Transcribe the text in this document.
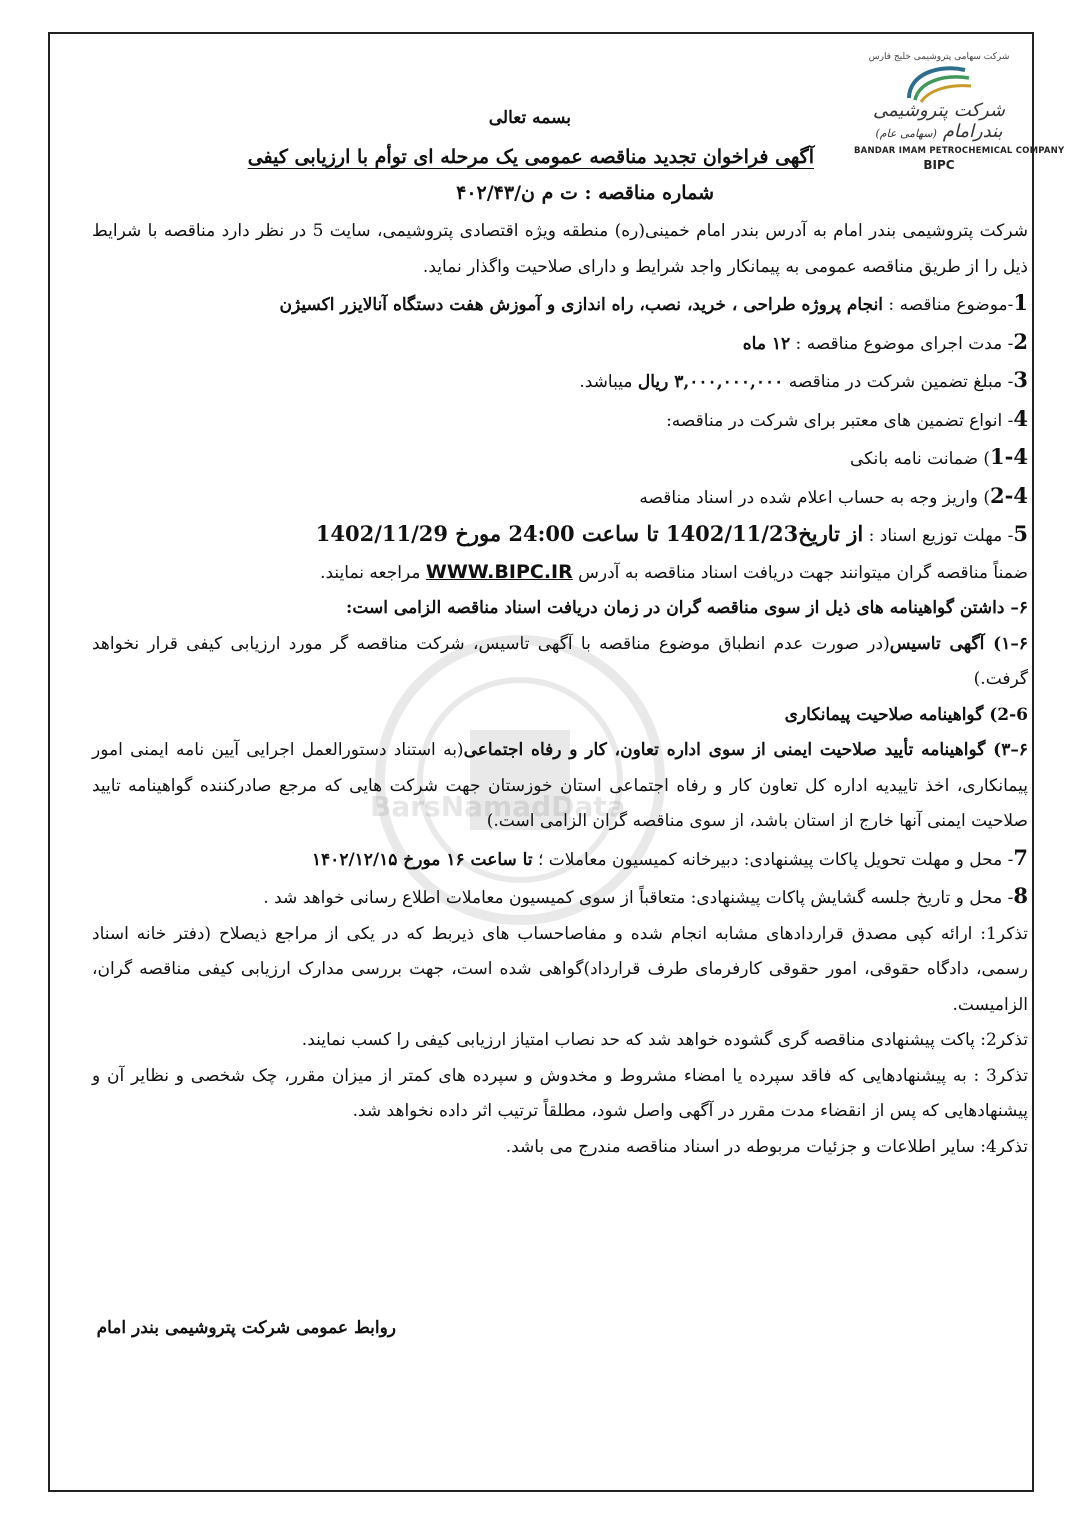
شرکت سهامی پتروشیمی خلیج فارس
شرکت پتروشیمی بندرامام (سهامی عام)
BANDAR IMAM PETROCHEMICAL COMPANY
BIPC
بسمه تعالی
آگهی فراخوان تجدید مناقصه عمومی یک مرحله ای توأم با ارزیابی کیفی
شماره مناقصه : ت م ن/۴۰۲/۴۳
BarsNamadData

شرکت پتروشیمی بندر امام به آدرس بندر امام خمینی(ره) منطقه ویژه اقتصادی پتروشیمی، سایت 5 در نظر دارد مناقصه با شرایط ذیل را از طریق مناقصه عمومی به پیمانکار واجد شرایط و دارای صلاحیت واگذار نماید.

1-موضوع مناقصه : انجام پروژه طراحی ، خرید، نصب، راه اندازی و آموزش هفت دستگاه آنالایزر اکسیژن

2- مدت اجرای موضوع مناقصه : ۱۲ ماه

3- مبلغ تضمین شرکت در مناقصه ۳,۰۰۰,۰۰۰,۰۰۰ ریال میباشد.

4- انواع تضمین های معتبر برای شرکت در مناقصه:

1-4) ضمانت نامه بانکی

2-4) واریز وجه به حساب اعلام شده در اسناد مناقصه

5- مهلت توزیع اسناد : از تاریخ1402/11/23 تا ساعت 24:00 مورخ 1402/11/29

ضمناً مناقصه گران میتوانند جهت دریافت اسناد مناقصه به آدرس WWW.BIPC.IR مراجعه نمایند.

۶– داشتن گواهینامه های ذیل از سوی مناقصه گران در زمان دریافت اسناد مناقصه الزامی است:

۶–۱) آگهی تاسیس(در صورت عدم انطباق موضوع مناقصه با آگهی تاسیس، شرکت مناقصه گر مورد ارزیابی کیفی قرار نخواهد گرفت.)

2-6) گواهینامه صلاحیت پیمانکاری

۶–۳) گواهینامه تأیید صلاحیت ایمنی از سوی اداره تعاون، کار و رفاه اجتماعی(به استناد دستورالعمل اجرایی آیین نامه ایمنی امور پیمانکاری، اخذ تاییدیه اداره کل تعاون کار و رفاه اجتماعی استان خوزستان جهت شرکت هایی که مرجع صادرکننده گواهینامه تایید صلاحیت ایمنی آنها خارج از استان باشد، از سوی مناقصه گران الزامی است.)

7- محل و مهلت تحویل پاکات پیشنهادی: دبیرخانه کمیسیون معاملات ؛ تا ساعت ۱۶ مورخ ۱۴۰۲/۱۲/۱۵

8- محل و تاریخ جلسه گشایش پاکات پیشنهادی: متعاقباً از سوی کمیسیون معاملات اطلاع رسانی خواهد شد .

تذکر1: ارائه کپی مصدق قراردادهای مشابه انجام شده و مفاصاحساب های ذیربط که در یکی از مراجع ذیصلاح (دفتر خانه اسناد رسمی، دادگاه حقوقی، امور حقوقی کارفرمای طرف قرارداد)گواهی شده است، جهت بررسی مدارک ارزیابی کیفی مناقصه گران، الزامیست.

تذکر2: پاکت پیشنهادی مناقصه گری گشوده خواهد شد که حد نصاب امتیاز ارزیابی کیفی را کسب نمایند.

تذکر3 : به پیشنهادهایی که فاقد سپرده یا امضاء مشروط و مخدوش و سپرده های کمتر از میزان مقرر، چک شخصی و نظایر آن و پیشنهادهایی که پس از انقضاء مدت مقرر در آگهی واصل شود، مطلقاً ترتیب اثر داده نخواهد شد.

تذکر4: سایر اطلاعات و جزئیات مربوطه در اسناد مناقصه مندرج می باشد.

روابط عمومی شرکت پتروشیمی بندر امام
